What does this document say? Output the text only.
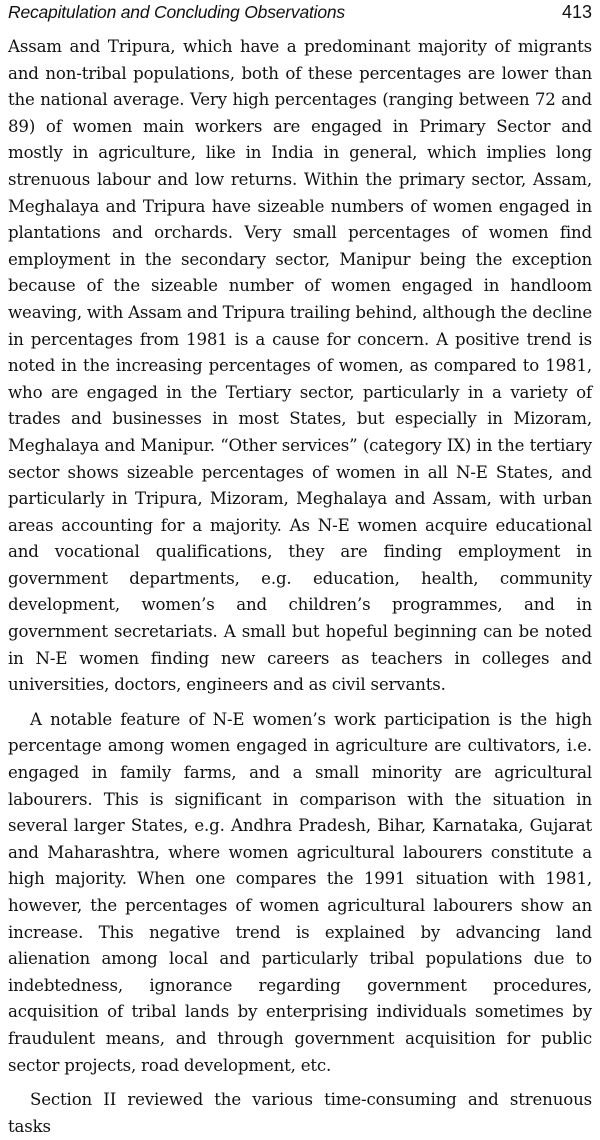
Recapitulation and Concluding Observations	413

Assam and Tripura, which have a predominant majority of migrants and non-tribal populations, both of these percentages are lower than the national average. Very high percentages (ranging between 72 and 89) of women main workers are engaged in Primary Sector and mostly in agriculture, like in India in general, which implies long strenuous labour and low returns. Within the primary sector, Assam, Meghalaya and Tripura have sizeable numbers of women engaged in plantations and orchards. Very small percentages of women find employment in the secondary sector, Manipur being the exception because of the sizeable number of women engaged in handloom weaving, with Assam and Tripura trailing behind, although the decline in percentages from 1981 is a cause for concern. A positive trend is noted in the increasing percentages of women, as compared to 1981, who are engaged in the Tertiary sector, particularly in a variety of trades and businesses in most States, but especially in Mizoram, Meghalaya and Manipur. “Other services” (category IX) in the tertiary sector shows sizeable percentages of women in all N-E States, and particularly in Tripura, Mizoram, Meghalaya and Assam, with urban areas accounting for a majority. As N-E women acquire educational and vocational qualifications, they are finding employment in government departments, e.g. education, health, community development, women’s and children’s programmes, and in government secretariats. A small but hopeful beginning can be noted in N-E women finding new careers as teachers in colleges and universities, doctors, engineers and as civil servants.

A notable feature of N-E women’s work participation is the high percentage among women engaged in agriculture are cultivators, i.e. engaged in family farms, and a small minority are agricultural labourers. This is significant in comparison with the situation in several larger States, e.g. Andhra Pradesh, Bihar, Karnataka, Gujarat and Maharashtra, where women agricultural labourers constitute a high majority. When one compares the 1991 situation with 1981, however, the percentages of women agricultural labourers show an increase. This negative trend is explained by advancing land alienation among local and particularly tribal populations due to indebtedness, ignorance regarding government procedures, acquisition of tribal lands by enterprising individuals sometimes by fraudulent means, and through government acquisition for public sector projects, road development, etc.

Section II reviewed the various time-consuming and strenuous tasks
